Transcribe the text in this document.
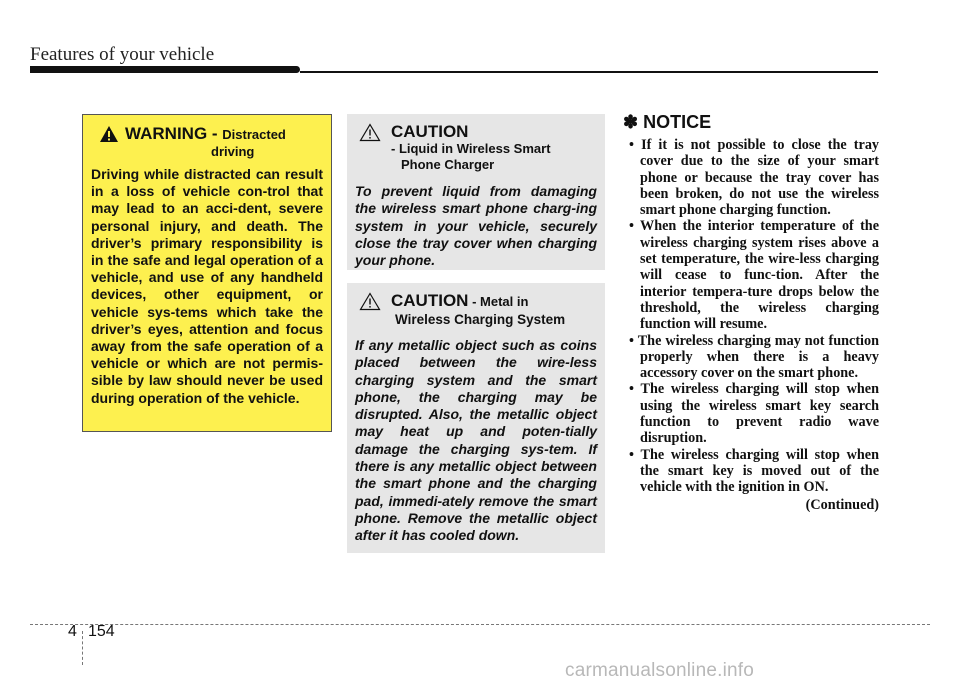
Features of your vehicle
WARNING - Distracted
driving
Driving while distracted can result in a loss of vehicle con-trol that may lead to an acci-dent, severe personal injury, and death. The driver’s primary responsibility is in the safe and legal operation of a vehicle, and use of any handheld devices, other equipment, or vehicle sys-tems which take the driver’s eyes, attention and focus away from the safe operation of a vehicle or which are not permis-sible by law should never be used during operation of the vehicle.
CAUTION
- Liquid in Wireless Smart
Phone Charger
To prevent liquid from damaging the wireless smart phone charg-ing system in your vehicle, securely close the tray cover when charging your phone.
CAUTION - Metal in
Wireless Charging System
If any metallic object such as coins placed between the wire-less charging system and the smart phone, the charging may be disrupted. Also, the metallic object may heat up and poten-tially damage the charging sys-tem. If there is any metallic object between the smart phone and the charging pad, immedi-ately remove the smart phone. Remove the metallic object after it has cooled down.
✽ NOTICE
• If it is not possible to close the tray cover due to the size of your smart phone or because the tray cover has been broken, do not use the wireless smart phone charging function.
• When the interior temperature of the wireless charging system rises above a set temperature, the wire-less charging will cease to func-tion. After the interior tempera-ture drops below the threshold, the wireless charging function will resume.
• The wireless charging may not function properly when there is a heavy accessory cover on the smart phone.
• The wireless charging will stop when using the wireless smart key search function to prevent radio wave disruption.
• The wireless charging will stop when the smart key is moved out of the vehicle with the ignition in ON.
(Continued)
4 154
carmanualsonline.info
